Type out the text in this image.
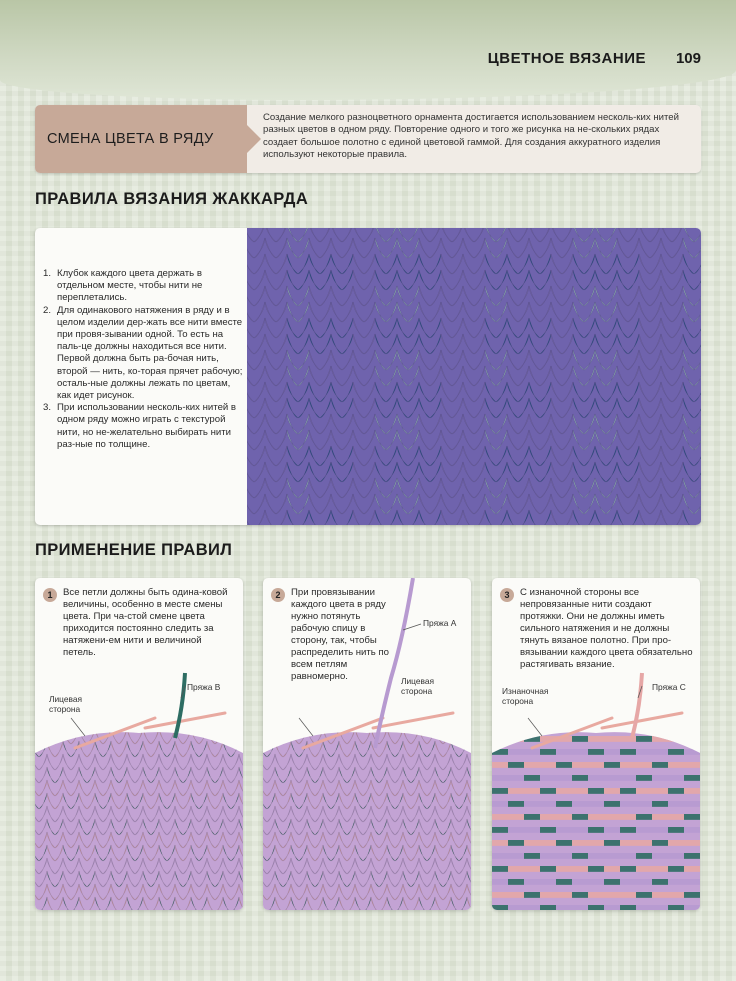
ЦВЕТНОЕ ВЯЗАНИЕ 109
СМЕНА ЦВЕТА В РЯДУ
Создание мелкого разноцветного орнамента достигается использованием несколь-ких нитей разных цветов в одном ряду. Повторение одного и того же рисунка на не-скольких рядах создает большое полотно с единой цветовой гаммой. Для создания аккуратного изделия используют некоторые правила.
ПРАВИЛА ВЯЗАНИЯ ЖАККАРДА
1. Клубок каждого цвета держать в отдельном месте, чтобы нити не переплетались.
2. Для одинакового натяжения в ряду и в целом изделии дер-жать все нити вместе при провя-зывании одной. То есть на паль-це должны находиться все нити. Первой должна быть ра-бочая нить, второй — нить, ко-торая прячет рабочую; осталь-ные должны лежать по цветам, как идет рисунок.
3. При использовании несколь-ких нитей в одном ряду можно играть с текстурой нити, но не-желательно выбирать нити раз-ные по толщине.
ПРИМЕНЕНИЕ ПРАВИЛ
1	Все петли должны быть одина-ковой величины, особенно в месте смены цвета. При ча-стой смене цвета приходится постоянно следить за натяжени-ем нити и величиной петель.
Лицевая сторона
Пряжа В
2	При провязывании каждого цвета в ряду нужно потянуть рабочую спицу в сторону, так, чтобы распределить нить по всем петлям равномерно.
Пряжа А
Лицевая сторона
3	С изнаночной стороны все непровязанные нити создают протяжки. Они не должны иметь сильного натяжения и не должны тянуть вязаное полотно. При про-вязывании каждого цвета обязательно растягивать вязание.
Изнаночная сторона
Пряжа С
